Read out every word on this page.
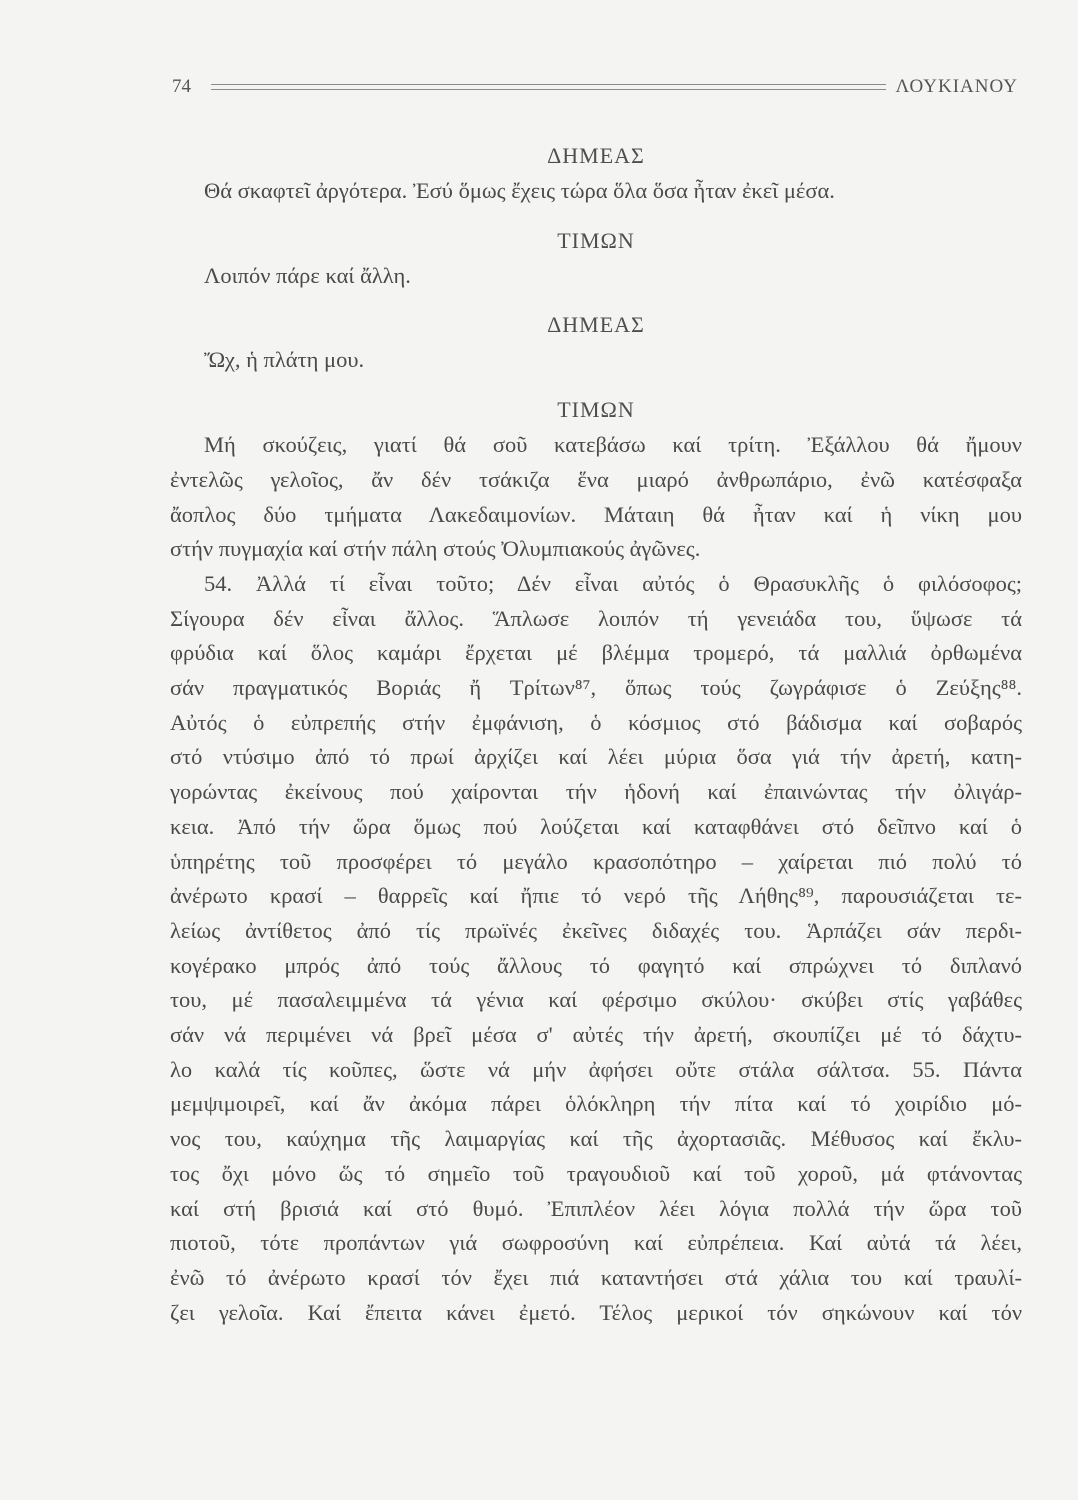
74	ΛΟΥΚΙΑΝΟΥ

ΔΗΜΕΑΣ

Θά σκαφτεῖ ἀργότερα. Ἐσύ ὅμως ἔχεις τώρα ὅλα ὅσα ἦταν ἐκεῖ μέσα.

ΤΙΜΩΝ

Λοιπόν πάρε καί ἄλλη.

ΔΗΜΕΑΣ

Ὤχ, ἡ πλάτη μου.

ΤΙΜΩΝ

Μή σκούζεις, γιατί θά σοῦ κατεβάσω καί τρίτη. Ἐξάλλου θά ἤμουν

ἐντελῶς γελοῖος, ἄν δέν τσάκιζα ἕνα μιαρό ἀνθρωπάριο, ἐνῶ κατέσφαξα

ἄοπλος δύο τμήματα Λακεδαιμονίων. Μάταιη θά ἦταν καί ἡ νίκη μου

στήν πυγμαχία καί στήν πάλη στούς Ὀλυμπιακούς ἀγῶνες.

54. Ἀλλά τί εἶναι τοῦτο; Δέν εἶναι αὐτός ὁ Θρασυκλῆς ὁ φιλόσοφος;

Σίγουρα δέν εἶναι ἄλλος. Ἅπλωσε λοιπόν τή γενειάδα του, ὕψωσε τά

φρύδια καί ὅλος καμάρι ἔρχεται μέ βλέμμα τρομερό, τά μαλλιά ὀρθωμένα

σάν πραγματικός Βοριάς ἤ Τρίτων⁸⁷, ὅπως τούς ζωγράφισε ὁ Ζεύξης⁸⁸.

Αὐτός ὁ εὐπρεπής στήν ἐμφάνιση, ὁ κόσμιος στό βάδισμα καί σοβαρός

στό ντύσιμο ἀπό τό πρωί ἀρχίζει καί λέει μύρια ὅσα γιά τήν ἀρετή, κατη-

γορώντας ἐκείνους πού χαίρονται τήν ἡδονή καί ἐπαινώντας τήν ὀλιγάρ-

κεια. Ἀπό τήν ὥρα ὅμως πού λούζεται καί καταφθάνει στό δεῖπνο καί ὁ

ὑπηρέτης τοῦ προσφέρει τό μεγάλο κρασοπότηρο – χαίρεται πιό πολύ τό

ἀνέρωτο κρασί – θαρρεῖς καί ἤπιε τό νερό τῆς Λήθης⁸⁹, παρουσιάζεται τε-

λείως ἀντίθετος ἀπό τίς πρωϊνές ἐκεῖνες διδαχές του. Ἁρπάζει σάν περδι-

κογέρακο μπρός ἀπό τούς ἄλλους τό φαγητό καί σπρώχνει τό διπλανό

του, μέ πασαλειμμένα τά γένια καί φέρσιμο σκύλου· σκύβει στίς γαβάθες

σάν νά περιμένει νά βρεῖ μέσα σ' αὐτές τήν ἀρετή, σκουπίζει μέ τό δάχτυ-

λο καλά τίς κοῦπες, ὥστε νά μήν ἀφήσει οὔτε στάλα σάλτσα. 55. Πάντα

μεμψιμοιρεῖ, καί ἄν ἀκόμα πάρει ὁλόκληρη τήν πίτα καί τό χοιρίδιο μό-

νος του, καύχημα τῆς λαιμαργίας καί τῆς ἀχορτασιᾶς. Μέθυσος καί ἔκλυ-

τος ὄχι μόνο ὥς τό σημεῖο τοῦ τραγουδιοῦ καί τοῦ χοροῦ, μά φτάνοντας

καί στή βρισιά καί στό θυμό. Ἐπιπλέον λέει λόγια πολλά τήν ὥρα τοῦ

πιοτοῦ, τότε προπάντων γιά σωφροσύνη καί εὐπρέπεια. Καί αὐτά τά λέει,

ἐνῶ τό ἀνέρωτο κρασί τόν ἔχει πιά καταντήσει στά χάλια του καί τραυλί-

ζει γελοῖα. Καί ἔπειτα κάνει ἐμετό. Τέλος μερικοί τόν σηκώνουν καί τόν
